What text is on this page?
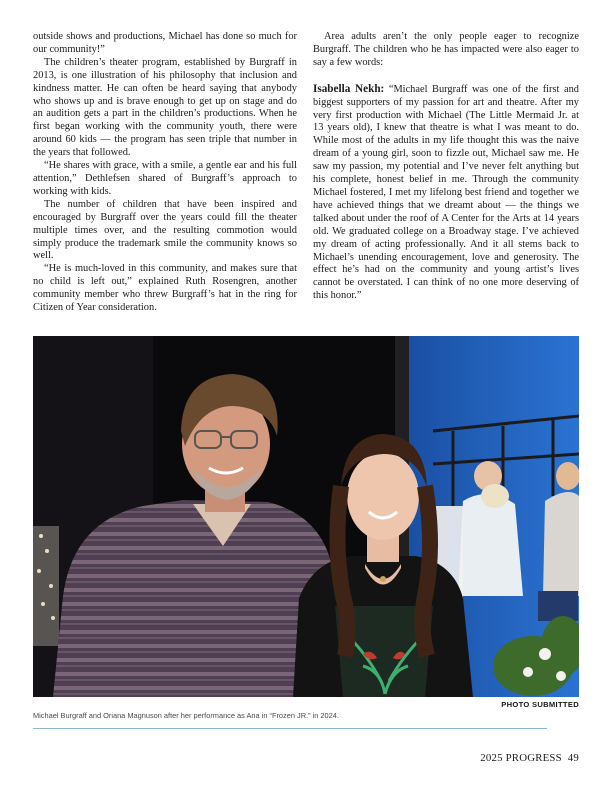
outside shows and productions, Michael has done so much for our community!”

The children’s theater program, established by Burgraff in 2013, is one illustration of his philosophy that inclusion and kindness matter. He can often be heard saying that anybody who shows up and is brave enough to get up on stage and do an audition gets a part in the children’s productions. When he first began working with the community youth, there were around 60 kids — the program has seen triple that number in the years that followed.

“He shares with grace, with a smile, a gentle ear and his full attention,” Dethlefsen shared of Burgraff’s approach to working with kids.

The number of children that have been inspired and encouraged by Burgraff over the years could fill the theater multiple times over, and the resulting commotion would simply produce the trademark smile the community knows so well.

“He is much-loved in this community, and makes sure that no child is left out,” explained Ruth Rosengren, another community member who threw Burgraff’s hat in the ring for Citizen of Year consideration.

Area adults aren’t the only people eager to recognize Burgraff. The children who he has impacted were also eager to say a few words:

Isabella Nekh: “Michael Burgraff was one of the first and biggest supporters of my passion for art and theatre. After my very first production with Michael (The Little Mermaid Jr. at 13 years old), I knew that theatre is what I was meant to do. While most of the adults in my life thought this was the naive dream of a young girl, soon to fizzle out, Michael saw me. He saw my passion, my potential and I’ve never felt anything but his complete, honest belief in me. Through the community Michael fostered, I met my lifelong best friend and together we have achieved things that we dreamt about — the things we talked about under the roof of A Center for the Arts at 14 years old. We graduated college on a Broadway stage. I’ve achieved my dream of acting professionally. And it all stems back to Michael’s unending encouragement, love and generosity. The effect he’s had on the community and young artist’s lives cannot be overstated. I can think of no one more deserving of this honor.”

PHOTO SUBMITTED
Michael Burgraff and Oriana Magnuson after her performance as Ana in “Frozen JR.” in 2024.
2025 PROGRESS 49
